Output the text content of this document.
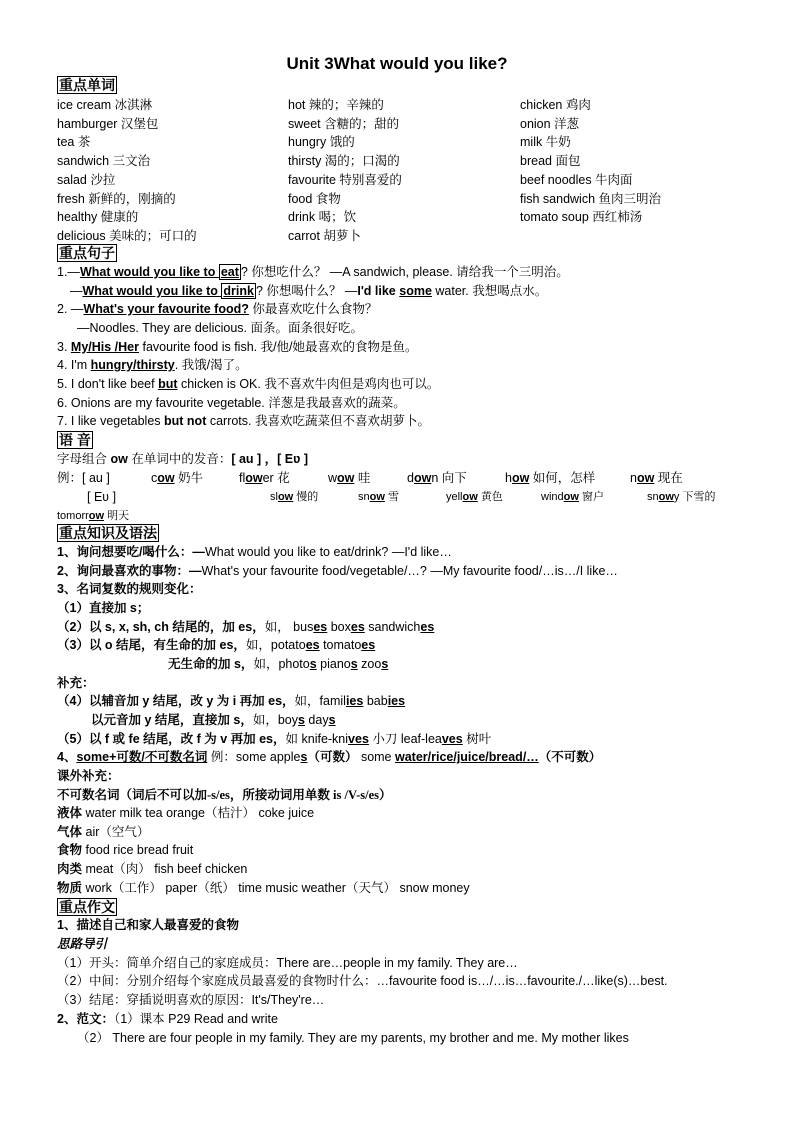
Unit 3What would you like?
重点单词
ice cream 冰淇淋	hot 辣的；辛辣的	chicken 鸡肉
hamburger 汉堡包	sweet 含糖的；甜的	onion 洋葱
tea 茶	hungry 饿的	milk 牛奶
sandwich 三文治	thirsty 渴的；口渴的	bread 面包
salad 沙拉	favourite 特别喜爱的	beef noodles 牛肉面
fresh 新鲜的，刚摘的	food 食物	fish sandwich 鱼肉三明治
healthy 健康的	drink 喝；饮	tomato soup 西红柿汤
delicious 美味的；可口的	carrot 胡萝卜
重点句子
1.—What would you like to eat ? 你想吃什么？ —A sandwich, please. 请给我一个三明治。
—What would you like to drink ? 你想喝什么？ —I'd like some water. 我想喝点水。
2. —What's your favourite food? 你最喜欢吃什么食物？
—Noodles. They are delicious. 面条。面条很好吃。
3. My/His /Her favourite food is fish. 我/他/她最喜欢的食物是鱼。
4. I'm hungry/thirsty. 我饿/渴了。
5. I don't like beef but chicken is OK. 我不喜欢牛肉但是鸡肉也可以。
6. Onions are my favourite vegetable. 洋葱是我最喜欢的蔬菜。
7. I like vegetables but not carrots. 我喜欢吃蔬菜但不喜欢胡萝卜。
语 音
字母组合 ow 在单词中的发音：[ au ] ，[ Eʋ ]
例：[ au ]	cow 奶牛	flower 花	wow 哇	down 向下	how 如何，怎样	now 现在
[ Eʋ ]	slow 慢的	snow 雪	yellow 黄色	window 窗户	snowy 下雪的
tomorrow 明天
重点知识及语法
1、询问想要吃/喝什么：—What would you like to eat/drink? —I'd like…
2、询问最喜欢的事物：—What's your favourite food/vegetable/…? —My favourite food/…is…/I like…
3、名词复数的规则变化：
（1）直接加 s；
（2）以 s, x, sh, ch 结尾的，加 es，如， buses boxes sandwiches
（3）以 o 结尾，有生命的加 es，如，potatoes tomatoes
无生命的加 s，如，photos pianos zoos
补充：
（4）以辅音加 y 结尾，改 y 为 i 再加 es，如，families babies
以元音加 y 结尾，直接加 s，如，boys days
（5）以 f 或 fe 结尾，改 f 为 v 再加 es，如 knife-knives 小刀 leaf-leaves 树叶
4、some+可数/不可数名词 例：some apples（可数） some water/rice/juice/bread/…（不可数）
课外补充：
不可数名词（词后不可以加-s/es，所接动词用单数 is /V-s/es）
液体 water milk tea orange（桔汁） coke juice
气体 air（空气）
食物 food rice bread fruit
肉类 meat（肉） fish beef chicken
物质 work（工作） paper（纸） time music weather（天气） snow money
重点作文
1、描述自己和家人最喜爱的食物
思路导引
（1）开头：简单介绍自己的家庭成员：There are…people in my family. They are…
（2）中间：分别介绍每个家庭成员最喜爱的食物时什么：…favourite food is…/…is…favourite./…like(s)…best.
（3）结尾：穿插说明喜欢的原因：It's/They're…
2、范文：（1）课本 P29 Read and write
（2） There are four people in my family. They are my parents, my brother and me. My mother likes
